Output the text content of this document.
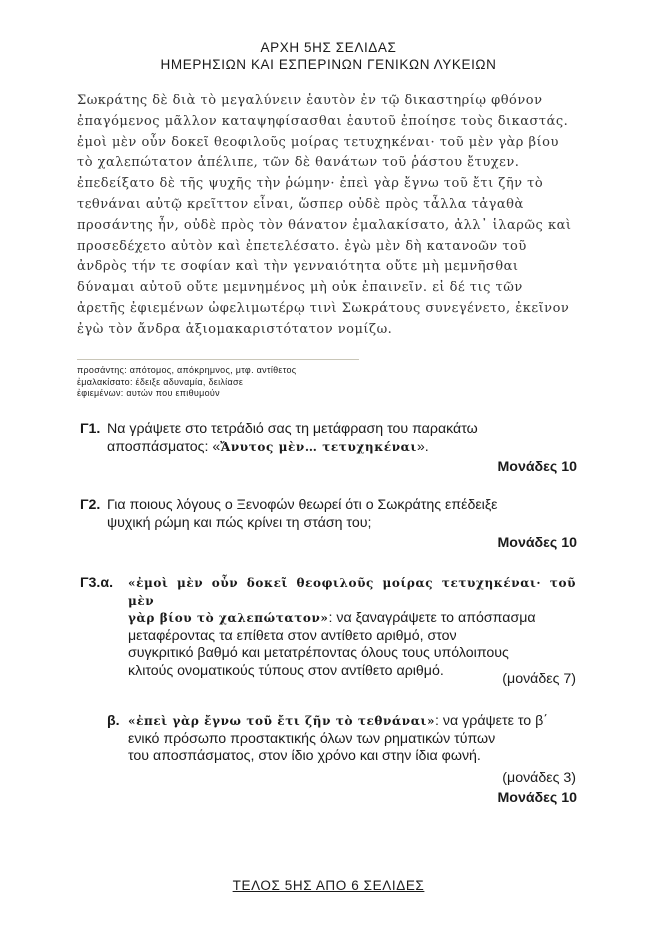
ΑΡΧΗ 5ΗΣ ΣΕΛΙΔΑΣ
ΗΜΕΡΗΣΙΩΝ ΚΑΙ ΕΣΠΕΡΙΝΩΝ ΓΕΝΙΚΩΝ ΛΥΚΕΙΩΝ
Σωκράτης δὲ διὰ τὸ μεγαλύνειν ἑαυτὸν ἐν τῷ δικαστηρίῳ φθόνον
ἐπαγόμενος μᾶλλον καταψηφίσασθαι ἑαυτοῦ ἐποίησε τοὺς δικαστάς.
ἐμοὶ μὲν οὖν δοκεῖ θεοφιλοῦς μοίρας τετυχηκέναι· τοῦ μὲν γὰρ βίου
τὸ χαλεπώτατον ἀπέλιπε, τῶν δὲ θανάτων τοῦ ῥάστου ἔτυχεν.
ἐπεδείξατο δὲ τῆς ψυχῆς τὴν ῥώμην· ἐπεὶ γὰρ ἔγνω τοῦ ἔτι ζῆν τὸ
τεθνάναι αὐτῷ κρεῖττον εἶναι, ὥσπερ οὐδὲ πρὸς τἆλλα τἀγαθὰ
προσάντης ἦν, οὐδὲ πρὸς τὸν θάνατον ἐμαλακίσατο, ἀλλ᾽ ἱλαρῶς καὶ
προσεδέχετο αὐτὸν καὶ ἐπετελέσατο. ἐγὼ μὲν δὴ κατανοῶν τοῦ
ἀνδρὸς τήν τε σοφίαν καὶ τὴν γενναιότητα οὔτε μὴ μεμνῆσθαι
δύναμαι αὐτοῦ οὔτε μεμνημένος μὴ οὐκ ἐπαινεῖν. εἰ δέ τις τῶν
ἀρετῆς ἐφιεμένων ὠφελιμωτέρῳ τινὶ Σωκράτους συνεγένετο, ἐκεῖνον
ἐγὼ τὸν ἄνδρα ἀξιομακαριστότατον νομίζω.
προσάντης: απότομος, απόκρημνος, μτφ. αντίθετος
ἐμαλακίσατο: έδειξε αδυναμία, δειλίασε
ἐφιεμένων: αυτών που επιθυμούν
Γ1. Να γράψετε στο τετράδιό σας τη μετάφραση του παρακάτω
αποσπάσματος: «Ἄνυτος μὲν… τετυχηκέναι».
Μονάδες 10
Γ2. Για ποιους λόγους ο Ξενοφών θεωρεί ότι ο Σωκράτης επέδειξε
ψυχική ρώμη και πώς κρίνει τη στάση του;
Μονάδες 10
Γ3.α. «ἐμοὶ μὲν οὖν δοκεῖ θεοφιλοῦς μοίρας τετυχηκέναι· τοῦ μὲν
γὰρ βίου τὸ χαλεπώτατον»: να ξαναγράψετε το απόσπασμα
μεταφέροντας τα επίθετα στον αντίθετο αριθμό, στον
συγκριτικό βαθμό και μετατρέποντας όλους τους υπόλοιπους
κλιτούς ονοματικούς τύπους στον αντίθετο αριθμό.
(μονάδες 7)
β. «ἐπεὶ γὰρ ἔγνω τοῦ ἔτι ζῆν τὸ τεθνάναι»: να γράψετε το β΄
ενικό πρόσωπο προστακτικής όλων των ρηματικών τύπων
του αποσπάσματος, στον ίδιο χρόνο και στην ίδια φωνή.
(μονάδες 3)
Μονάδες 10
ΤΕΛΟΣ 5ΗΣ ΑΠΟ 6 ΣΕΛΙΔΕΣ
